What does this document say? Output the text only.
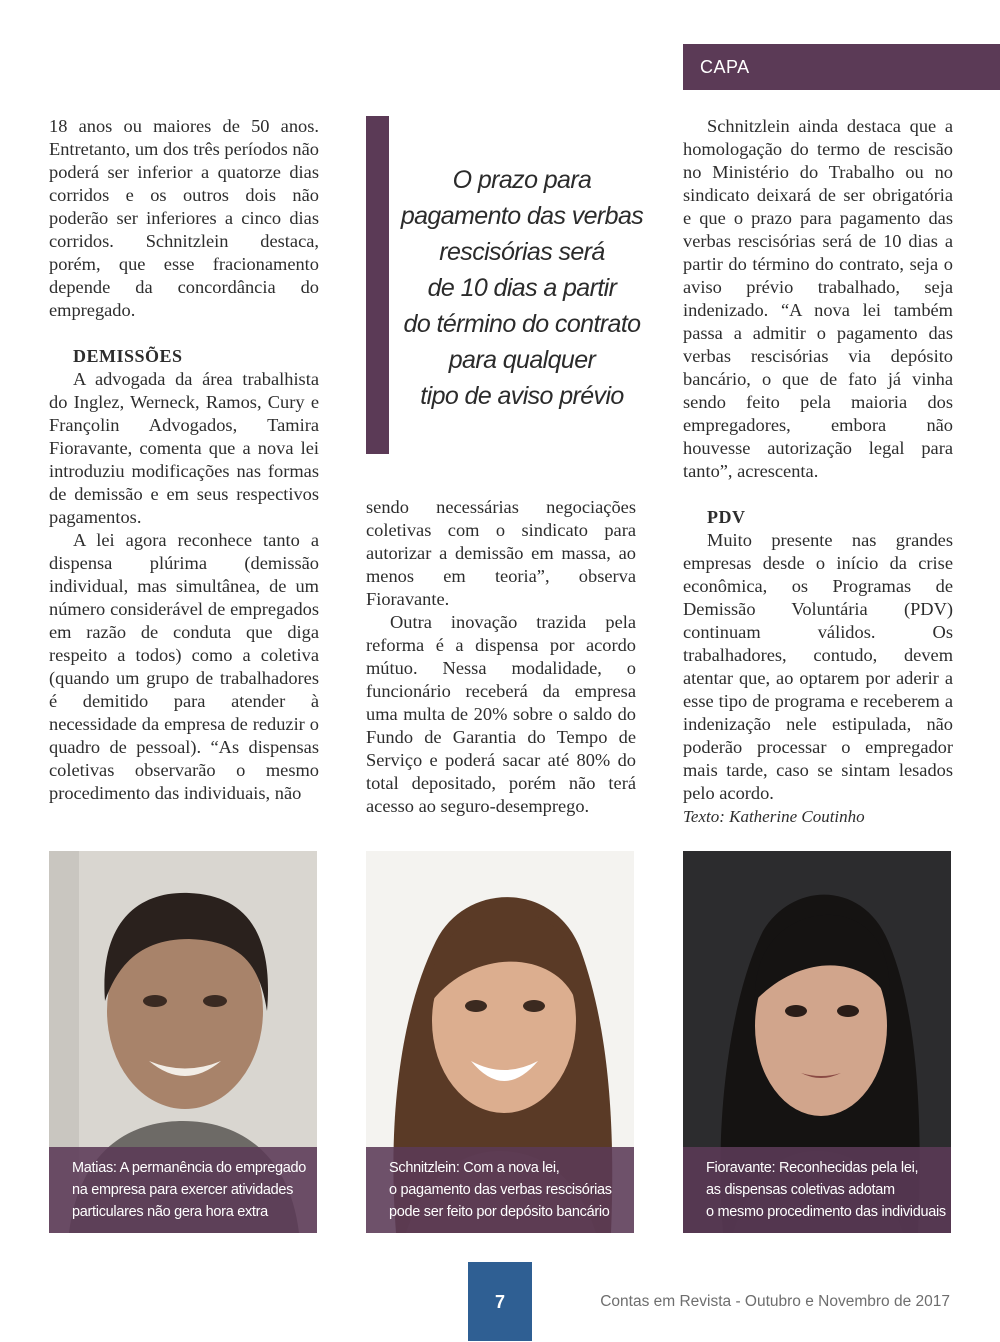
CAPA

18 anos ou maiores de 50 anos. Entretanto, um dos três períodos não poderá ser inferior a quatorze dias corridos e os outros dois não poderão ser inferiores a cinco dias corridos. Schnitzlein destaca, porém, que esse fracionamento depende da concordância do empregado.

DEMISSÕES

A advogada da área trabalhista do Inglez, Werneck, Ramos, Cury e Françolin Advogados, Tamira Fioravante, comenta que a nova lei introduziu modificações nas formas de demissão e em seus respectivos pagamentos.

A lei agora reconhece tanto a dispensa plúrima (demissão individual, mas simultânea, de um número considerável de empregados em razão de conduta que diga respeito a todos) como a coletiva (quando um grupo de trabalhadores é demitido para atender à necessidade da empresa de reduzir o quadro de pessoal). “As dispensas coletivas observarão o mesmo procedimento das individuais, não

O prazo para
pagamento das verbas
rescisórias será
de 10 dias a partir
do término do contrato
para qualquer
tipo de aviso prévio

sendo necessárias negociações coletivas com o sindicato para autorizar a demissão em massa, ao menos em teoria”, observa Fioravante.

Outra inovação trazida pela reforma é a dispensa por acordo mútuo. Nessa modalidade, o funcionário receberá da empresa uma multa de 20% sobre o saldo do Fundo de Garantia do Tempo de Serviço e poderá sacar até 80% do total depositado, porém não terá acesso ao seguro-desemprego.

Schnitzlein ainda destaca que a homologação do termo de rescisão no Ministério do Trabalho ou no sindicato deixará de ser obrigatória e que o prazo para pagamento das verbas rescisórias será de 10 dias a partir do término do contrato, seja o aviso prévio trabalhado, seja indenizado. “A nova lei também passa a admitir o pagamento das verbas rescisórias via depósito bancário, o que de fato já vinha sendo feito pela maioria dos empregadores, embora não houvesse autorização legal para tanto”, acrescenta.

PDV

Muito presente nas grandes empresas desde o início da crise econômica, os Programas de Demissão Voluntária (PDV) continuam válidos. Os trabalhadores, contudo, devem atentar que, ao optarem por aderir a esse tipo de programa e receberem a indenização nele estipulada, não poderão processar o empregador mais tarde, caso se sintam lesados pelo acordo.

Texto: Katherine Coutinho

Matias: A permanência do empregado
na empresa para exercer atividades
particulares não gera hora extra
Schnitzlein: Com a nova lei,
o pagamento das verbas rescisórias
pode ser feito por depósito bancário
Fioravante: Reconhecidas pela lei,
as dispensas coletivas adotam
o mesmo procedimento das individuais
7	Contas em Revista - Outubro e Novembro de 2017
